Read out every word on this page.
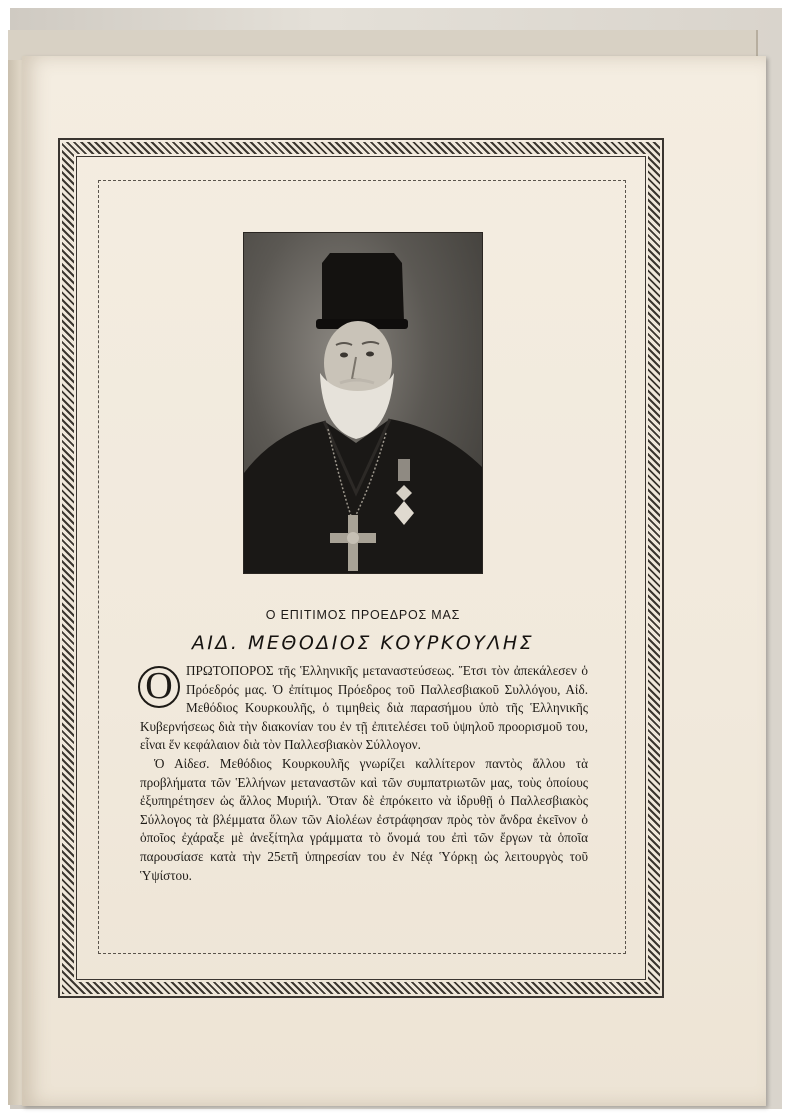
Ο ΕΠΙΤΙΜΟΣ ΠΡΟΕΔΡΟΣ ΜΑΣ
ΑΙΔ. ΜΕΘΟΔΙΟΣ ΚΟΥΡΚΟΥΛΗΣ
Ο	ΠΡΩΤΟΠΟΡΟΣ τῆς Ἑλληνικῆς μεταναστεύσεως. Ἔτσι τὸν ἀπεκάλεσεν ὁ Πρόεδρός μας. Ὁ ἐπίτιμος Πρόεδρος τοῦ Παλλεσβιακοῦ Συλλόγου, Αἰδ. Μεθόδιος Κουρκουλῆς, ὁ τιμηθεὶς διὰ παρασήμου ὑπὸ τῆς Ἑλληνικῆς Κυβερνήσεως διὰ τὴν διακονίαν του ἐν τῇ ἐπιτελέσει τοῦ ὑψηλοῦ προορισμοῦ του, εἶναι ἕν κεφάλαιον διὰ τὸν Παλλεσβιακὸν Σύλλογον.

Ὁ Αἰδεσ. Μεθόδιος Κουρκουλῆς γνωρίζει καλλίτερον παντὸς ἄλλου τὰ προβλήματα τῶν Ἑλλήνων μεταναστῶν καὶ τῶν συμπατριωτῶν μας, τοὺς ὁποίους ἐξυπηρέτησεν ὡς ἄλλος Μυριήλ. Ὅταν δὲ ἐπρόκειτο νὰ ἱδρυθῇ ὁ Παλλεσβιακὸς Σύλλογος τὰ βλέμματα ὅλων τῶν Αἰολέων ἐστράφησαν πρὸς τὸν ἄνδρα ἐκεῖνον ὁ ὁποῖος ἐχάραξε μὲ ἀνεξίτηλα γράμματα τὸ ὄνομά του ἐπὶ τῶν ἔργων τὰ ὁποῖα παρουσίασε κατὰ τὴν 25ετῆ ὑπηρεσίαν του ἐν Νέᾳ Ὑόρκῃ ὡς λειτουργὸς τοῦ Ὑψίστου.
